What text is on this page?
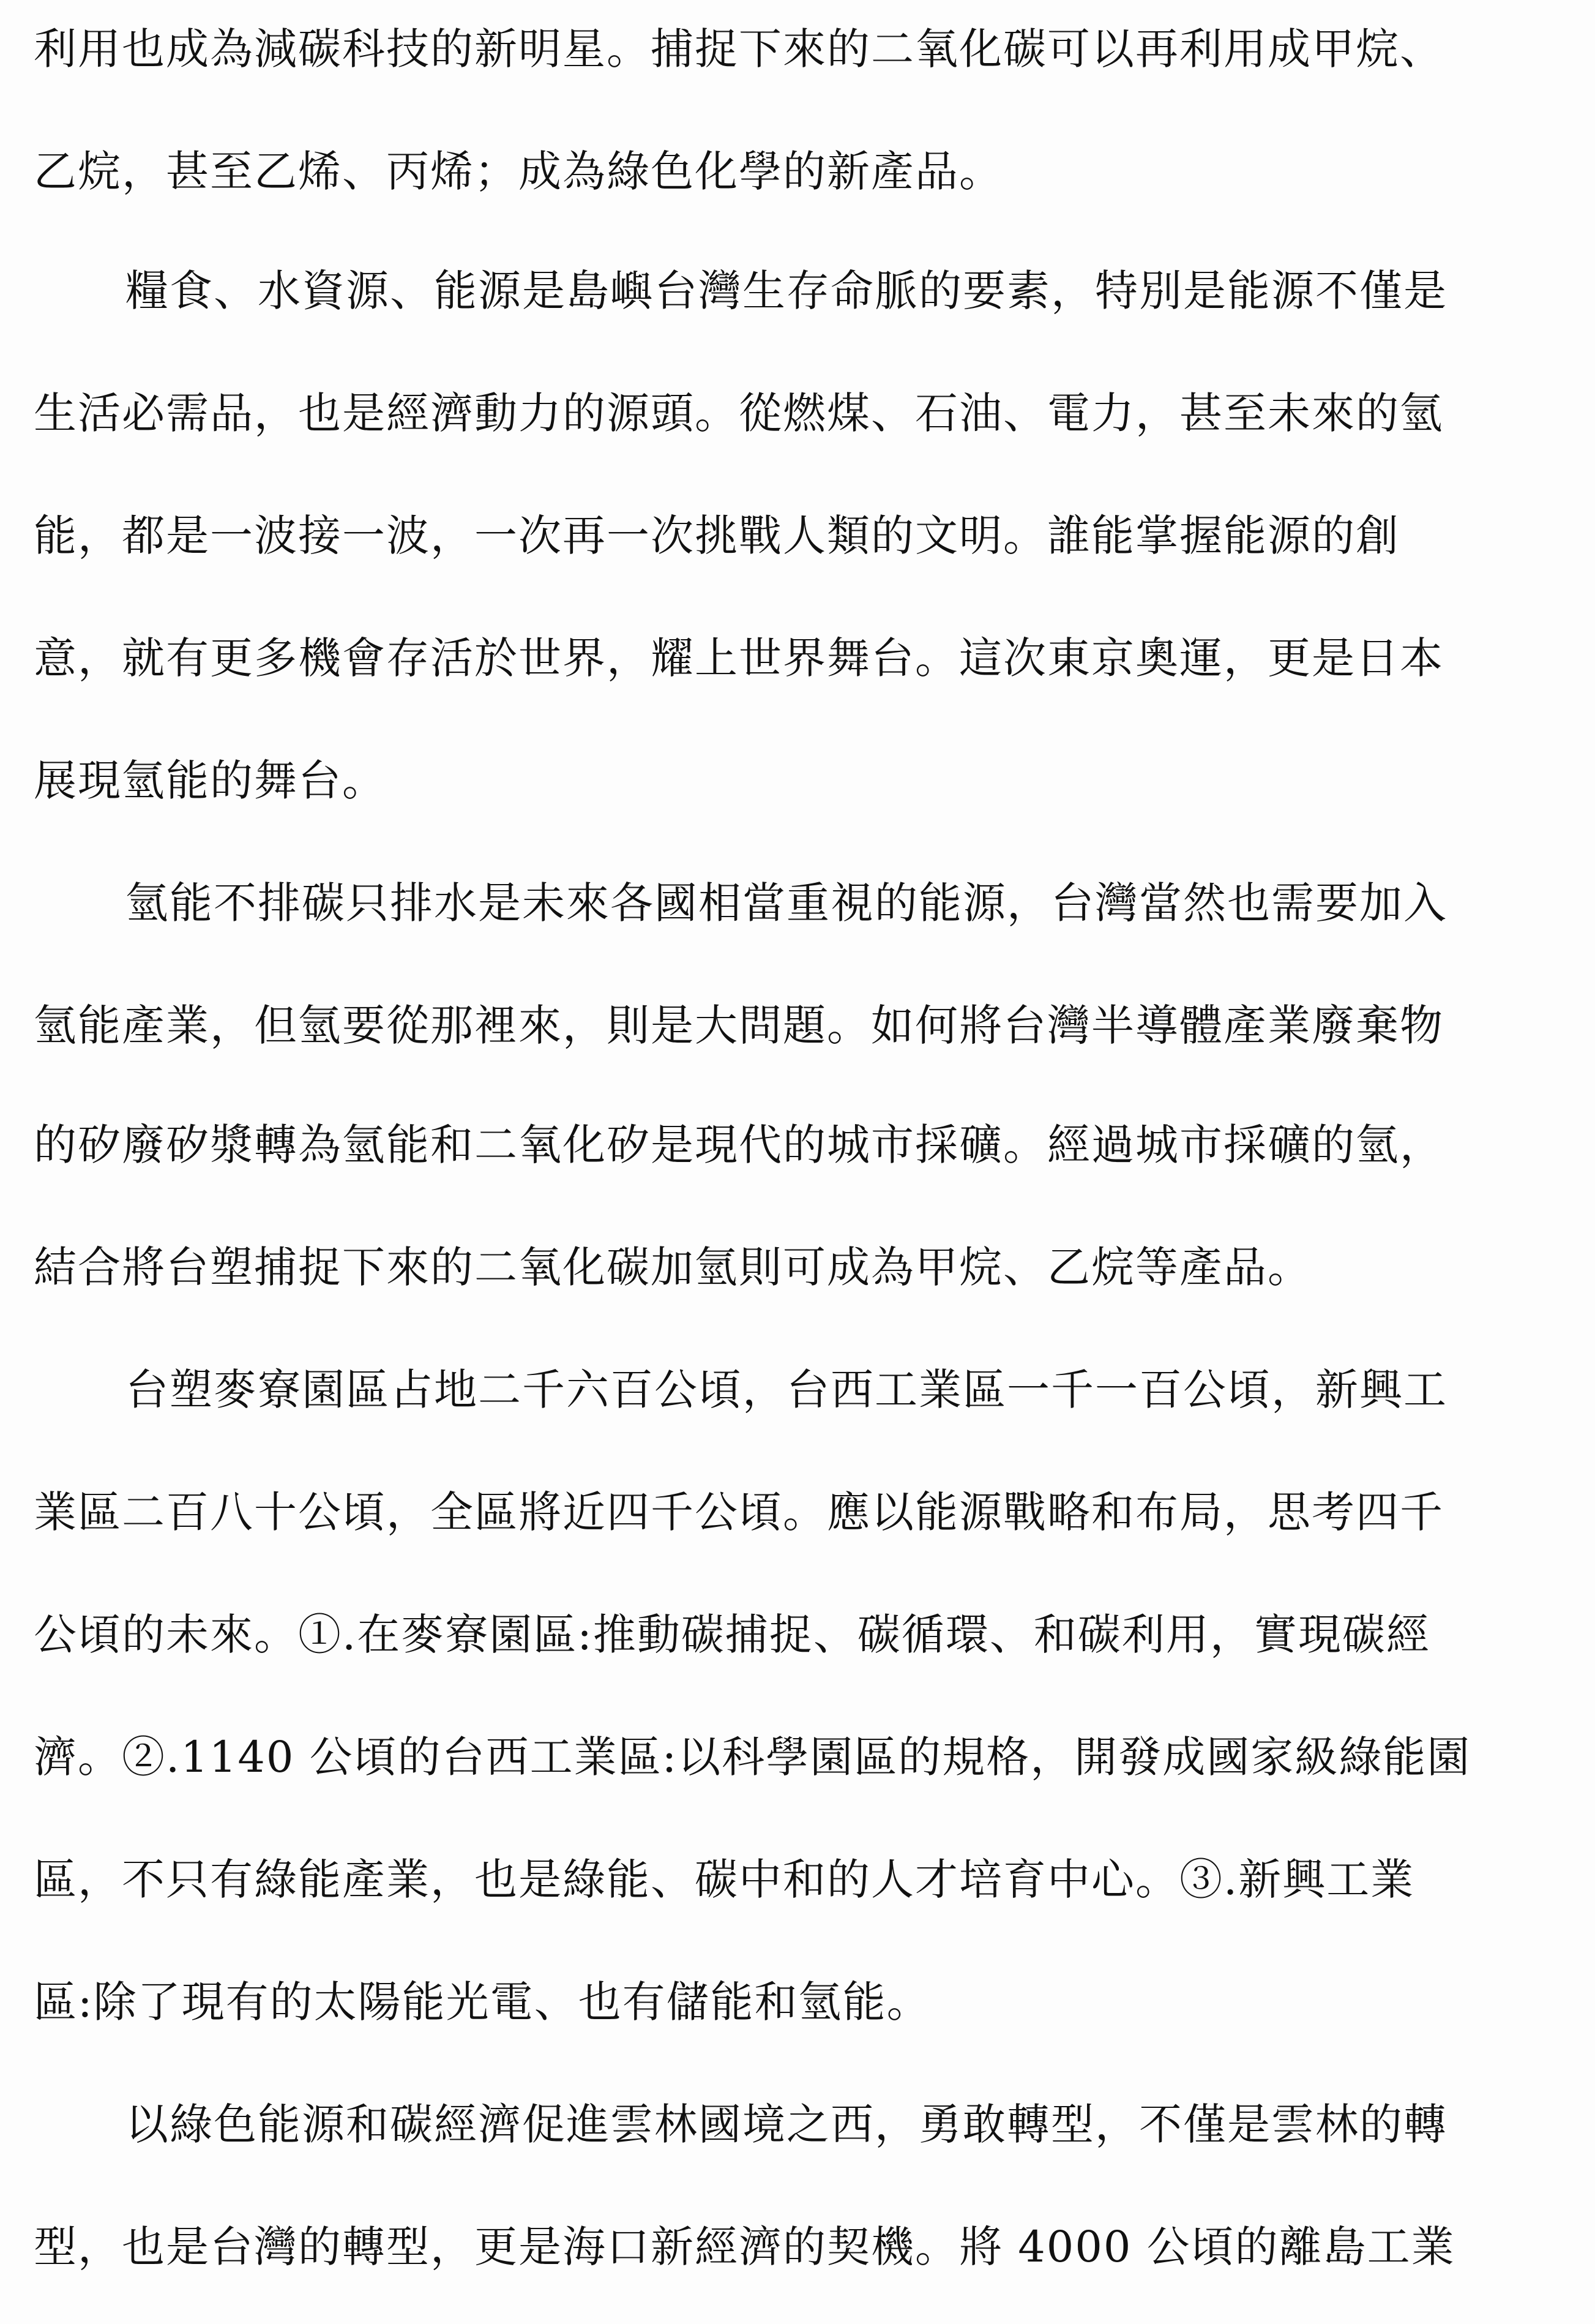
利用也成為減碳科技的新明星。捕捉下來的二氧化碳可以再利用成甲烷、
乙烷，甚至乙烯、丙烯；成為綠色化學的新產品。
糧食、水資源、能源是島嶼台灣生存命脈的要素，特別是能源不僅是
生活必需品，也是經濟動力的源頭。從燃煤、石油、電力，甚至未來的氫
能，都是一波接一波，一次再一次挑戰人類的文明。誰能掌握能源的創
意，就有更多機會存活於世界，耀上世界舞台。這次東京奧運，更是日本
展現氫能的舞台。
氫能不排碳只排水是未來各國相當重視的能源，台灣當然也需要加入
氫能產業，但氫要從那裡來，則是大問題。如何將台灣半導體產業廢棄物
的矽廢矽漿轉為氫能和二氧化矽是現代的城市採礦。經過城市採礦的氫，
結合將台塑捕捉下來的二氧化碳加氫則可成為甲烷、乙烷等產品。
台塑麥寮園區占地二千六百公頃，台西工業區一千一百公頃，新興工
業區二百八十公頃，全區將近四千公頃。應以能源戰略和布局，思考四千
公頃的未來。①.在麥寮園區:推動碳捕捉、碳循環、和碳利用，實現碳經
濟。②.1140 公頃的台西工業區:以科學園區的規格，開發成國家級綠能園
區，不只有綠能產業，也是綠能、碳中和的人才培育中心。③.新興工業
區:除了現有的太陽能光電、也有儲能和氫能。
以綠色能源和碳經濟促進雲林國境之西，勇敢轉型，不僅是雲林的轉
型，也是台灣的轉型，更是海口新經濟的契機。將 4000 公頃的離島工業
